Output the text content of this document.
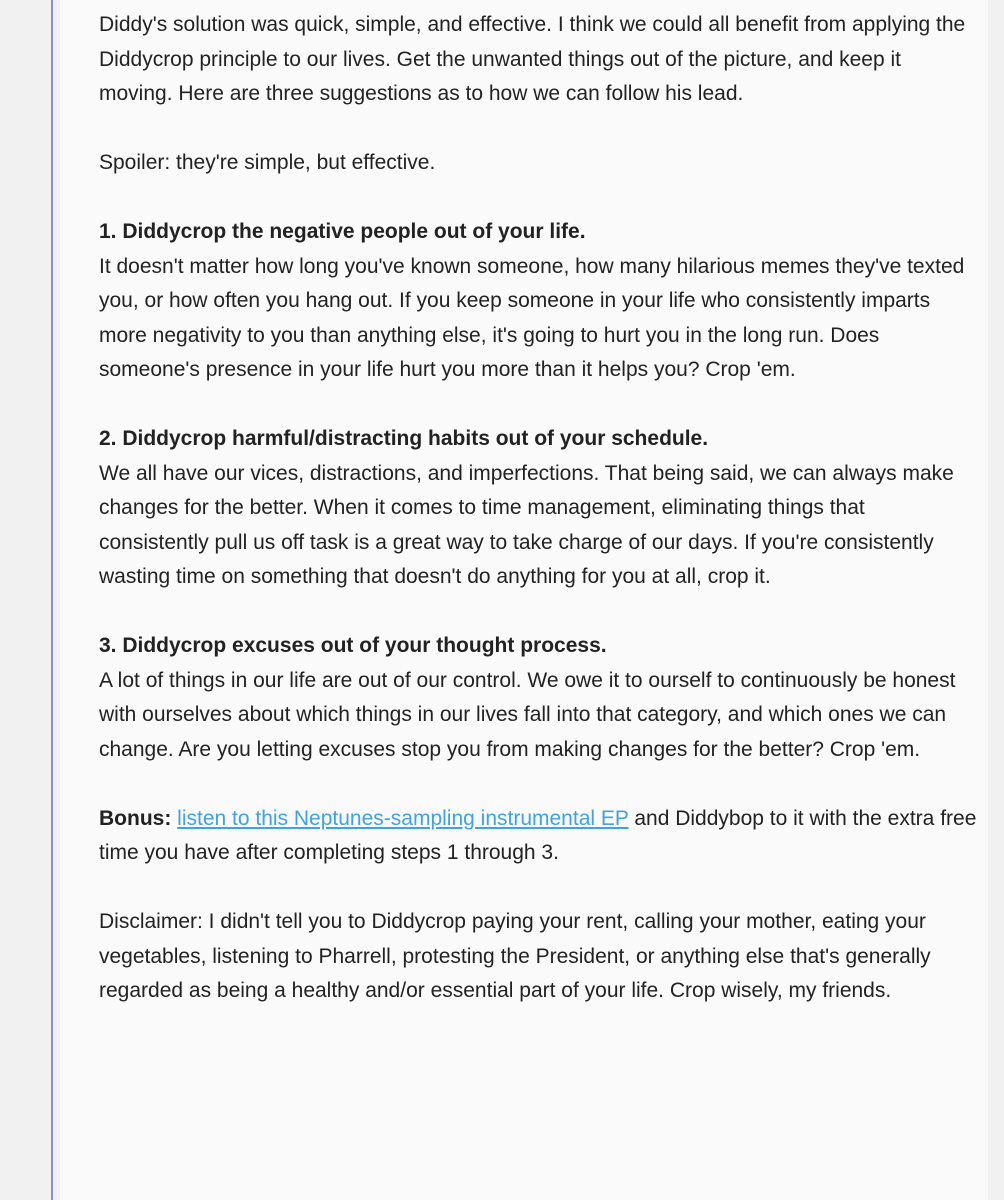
Diddy's solution was quick, simple, and effective. I think we could all benefit from applying the Diddycrop principle to our lives. Get the unwanted things out of the picture, and keep it moving. Here are three suggestions as to how we can follow his lead.

Spoiler: they're simple, but effective.

1. Diddycrop the negative people out of your life.
It doesn't matter how long you've known someone, how many hilarious memes they've texted you, or how often you hang out. If you keep someone in your life who consistently imparts more negativity to you than anything else, it's going to hurt you in the long run. Does someone's presence in your life hurt you more than it helps you? Crop 'em.
2. Diddycrop harmful/distracting habits out of your schedule.
We all have our vices, distractions, and imperfections. That being said, we can always make changes for the better. When it comes to time management, eliminating things that consistently pull us off task is a great way to take charge of our days. If you're consistently wasting time on something that doesn't do anything for you at all, crop it.
3. Diddycrop excuses out of your thought process.
A lot of things in our life are out of our control. We owe it to ourself to continuously be honest with ourselves about which things in our lives fall into that category, and which ones we can change. Are you letting excuses stop you from making changes for the better? Crop 'em.

Bonus: listen to this Neptunes-sampling instrumental EP and Diddybop to it with the extra free time you have after completing steps 1 through 3.

Disclaimer: I didn't tell you to Diddycrop paying your rent, calling your mother, eating your vegetables, listening to Pharrell, protesting the President, or anything else that's generally regarded as being a healthy and/or essential part of your life. Crop wisely, my friends.
